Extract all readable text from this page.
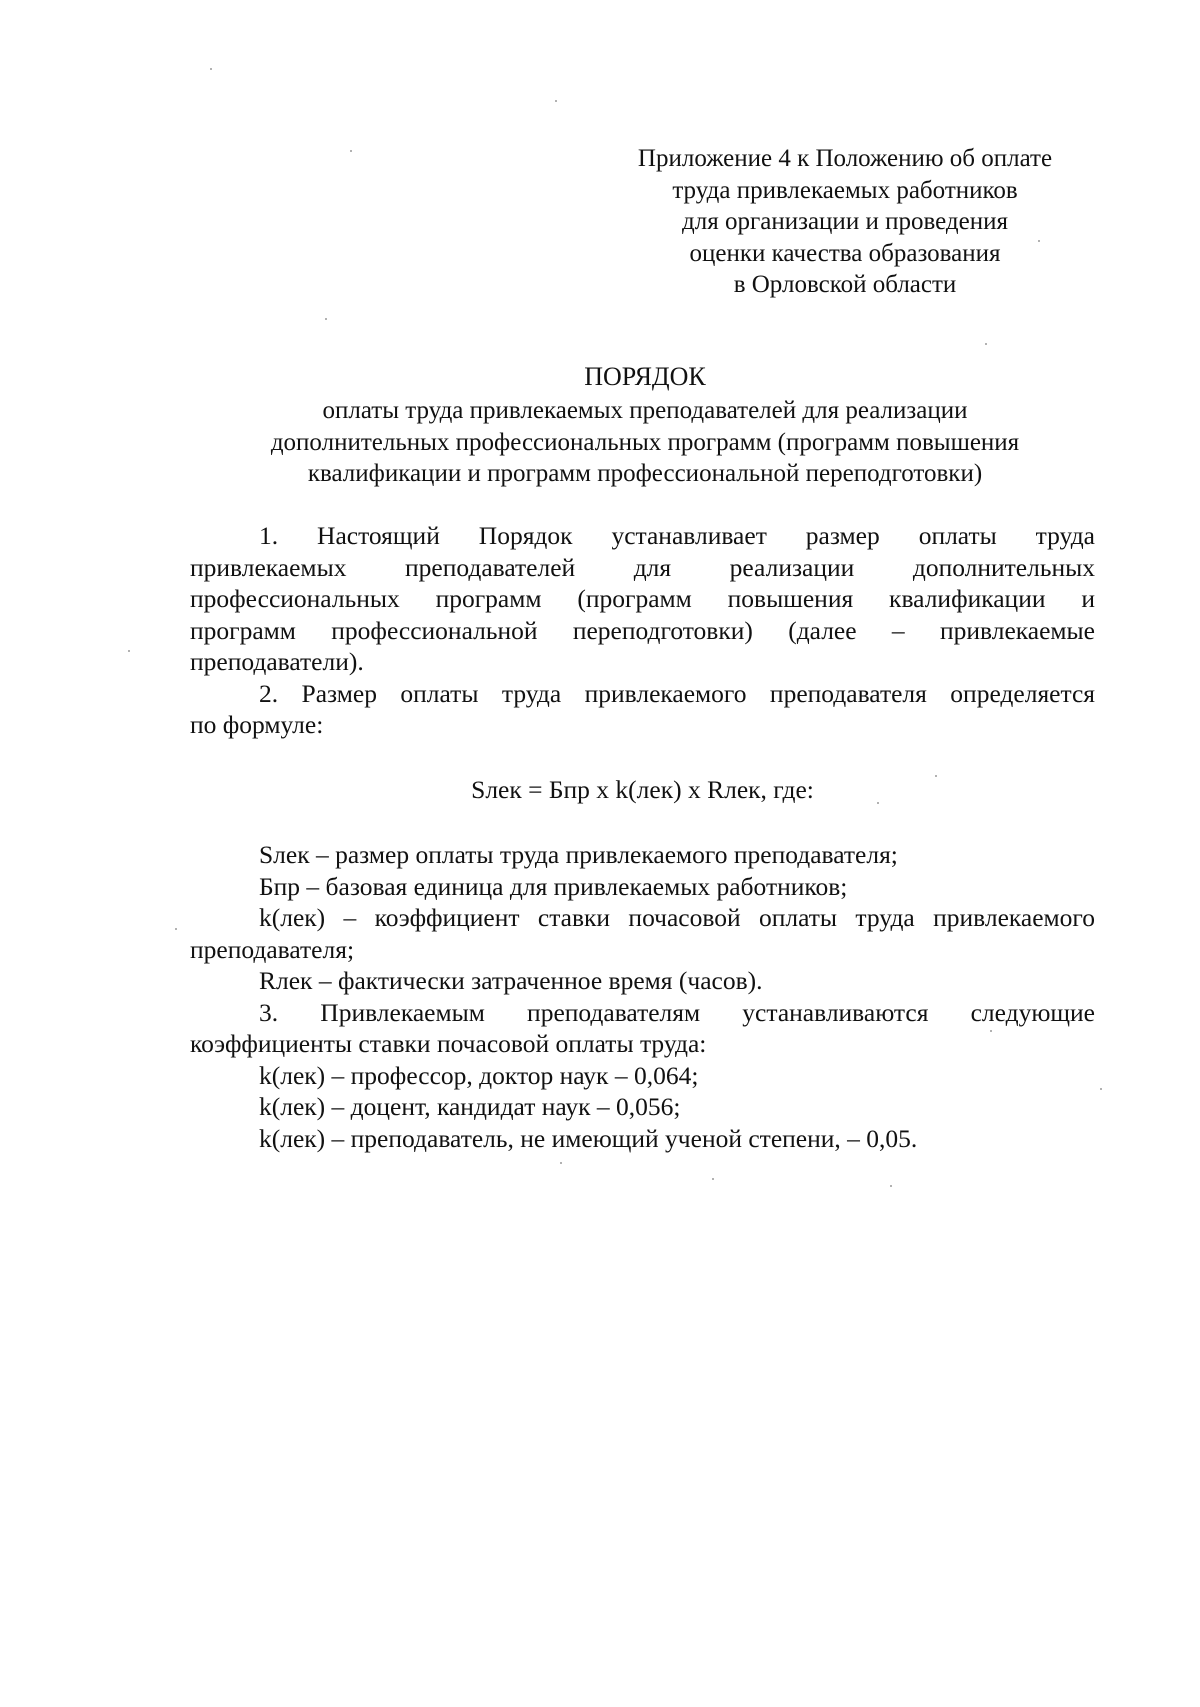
Приложение 4 к Положению об оплате
труда привлекаемых работников
для организации и проведения
оценки качества образования
в Орловской области
ПОРЯДОК
оплаты труда привлекаемых преподавателей для реализации
дополнительных профессиональных программ (программ повышения
квалификации и программ профессиональной переподготовки)
1. Настоящий Порядок устанавливает размер оплаты труда
привлекаемых преподавателей для реализации дополнительных
профессиональных программ (программ повышения квалификации и
программ профессиональной переподготовки) (далее – привлекаемые
преподаватели).
2. Размер оплаты труда привлекаемого преподавателя определяется
по формуле:
Sлек = Бпр х k(лек) х Rлек, где:
Sлек – размер оплаты труда привлекаемого преподавателя;
Бпр – базовая единица для привлекаемых работников;
k(лек) – коэффициент ставки почасовой оплаты труда привлекаемого
преподавателя;
Rлек – фактически затраченное время (часов).
3. Привлекаемым преподавателям устанавливаются следующие
коэффициенты ставки почасовой оплаты труда:
k(лек) – профессор, доктор наук – 0,064;
k(лек) – доцент, кандидат наук – 0,056;
k(лек) – преподаватель, не имеющий ученой степени, – 0,05.
